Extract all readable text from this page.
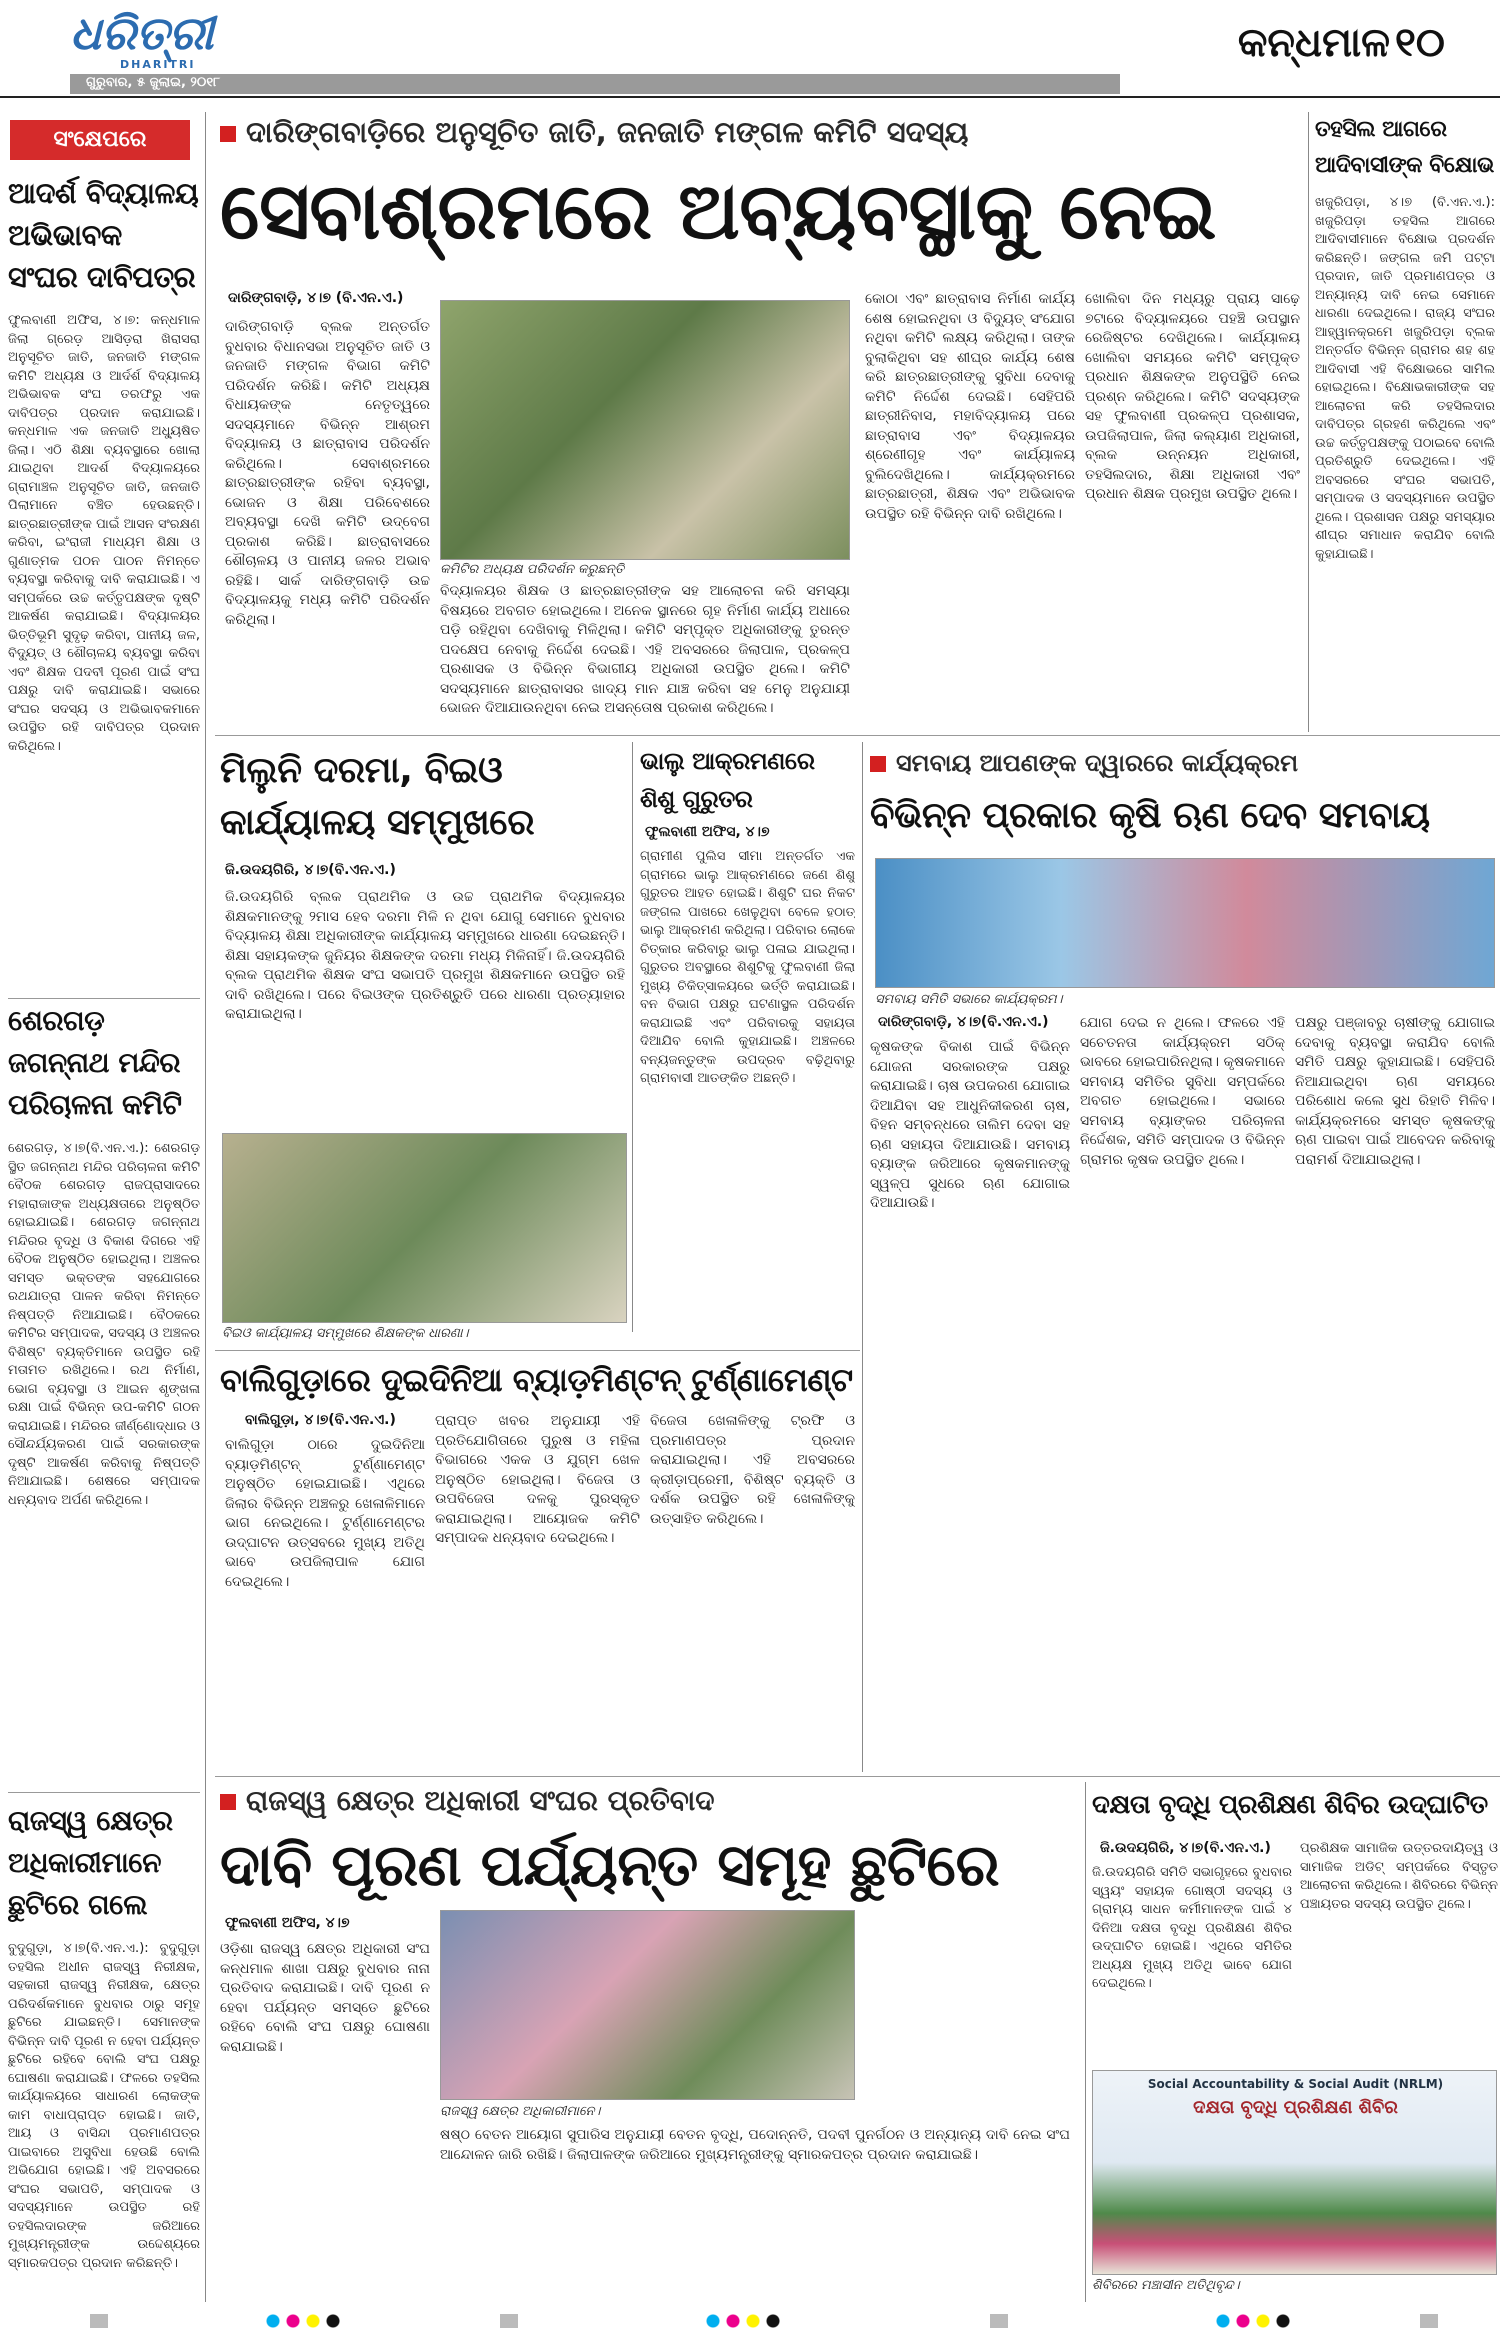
ଧରିତ୍ରୀ
DHARITRI
ଗୁରୁବାର, ୫ ଜୁଲାଇ, ୨୦୧୮
କନ୍ଧମାଳ ୧୦
ସଂକ୍ଷେପରେ
ଆଦର୍ଶ ବିଦ୍ୟାଳୟ ଅଭିଭାବକ ସଂଘର ଦାବିପତ୍ର
ଫୁଲବାଣୀ ଅଫିସ, ୪।୭: କନ୍ଧମାଳ ଜିଲା ଗ୍ରେଡ଼ ଆସିଡ଼ରା ଖିରାସରା ଅନୁସୂଚିତ ଜାତି, ଜନଜାତି ମଙ୍ଗଳ କମିଟି ଅଧ୍ୟକ୍ଷ ଓ ଆର୍ଦର୍ଶ ବିଦ୍ୟାଳୟ ଅଭିଭାବକ ସଂଘ ତରଫରୁ ଏକ ଦାବିପତ୍ର ପ୍ରଦାନ କରାଯାଇଛି। କନ୍ଧମାଳ ଏକ ଜନଜାତି ଅଧ୍ୟୁଷିତ ଜିଲା। ଏଠି ଶିକ୍ଷା ବ୍ୟବସ୍ଥାରେ ଖୋଲା ଯାଇଥିବା ଆଦର୍ଶ ବିଦ୍ୟାଳୟରେ ଗ୍ରାମାଞ୍ଚଳ ଅନୁସୂଚିତ ଜାତି, ଜନଜାତି ପିଲାମାନେ ବଞ୍ଚିତ ହେଉଛନ୍ତି। ଛାତ୍ରଛାତ୍ରୀଙ୍କ ପାଇଁ ଆସନ ସଂରକ୍ଷଣ କରିବା, ଇଂରାଜୀ ମାଧ୍ୟମ ଶିକ୍ଷା ଓ ଗୁଣାତ୍ମକ ପଠନ ପାଠନ ନିମନ୍ତେ ବ୍ୟବସ୍ଥା କରିବାକୁ ଦାବି କରାଯାଇଛି। ଏ ସମ୍ପର୍କରେ ଉଚ୍ଚ କର୍ତ୍ତୃପକ୍ଷଙ୍କ ଦୃଷ୍ଟି ଆକର୍ଷଣ କରାଯାଇଛି। ବିଦ୍ୟାଳୟର ଭିତ୍ତିଭୂମି ସୁଦୃଢ଼ କରିବା, ପାନୀୟ ଜଳ, ବିଦ୍ୟୁତ୍ ଓ ଶୌଚାଳୟ ବ୍ୟବସ୍ଥା କରିବା ଏବଂ ଶିକ୍ଷକ ପଦବୀ ପୂରଣ ପାଇଁ ସଂଘ ପକ୍ଷରୁ ଦାବି କରାଯାଇଛି। ସଭାରେ ସଂଘର ସଦସ୍ୟ ଓ ଅଭିଭାବକମାନେ ଉପସ୍ଥିତ ରହି ଦାବିପତ୍ର ପ୍ରଦାନ କରିଥିଲେ।
ଶେରଗଡ଼ ଜଗନ୍ନାଥ ମନ୍ଦିର ପରିଚାଳନା କମିଟି
ଶେରଗଡ଼, ୪।୭(ବି.ଏନ.ଏ.): ଶେରଗଡ଼ ସ୍ଥିତ ଜଗନ୍ନାଥ ମନ୍ଦିର ପରିଚାଳନା କମିଟି ବୈଠକ ଶେରଗଡ଼ ରାଜପ୍ରାସାଦରେ ମହାରାଜାଙ୍କ ଅଧ୍ୟକ୍ଷତାରେ ଅନୁଷ୍ଠିତ ହୋଇଯାଇଛି। ଶେରଗଡ଼ ଜଗନ୍ନାଥ ମନ୍ଦିରର ବୃଦ୍ଧି ଓ ବିକାଶ ଦିଗରେ ଏହି ବୈଠକ ଅନୁଷ୍ଠିତ ହୋଇଥିଲା। ଅଞ୍ଚଳର ସମସ୍ତ ଭକ୍ତଙ୍କ ସହଯୋଗରେ ରଥଯାତ୍ରା ପାଳନ କରିବା ନିମନ୍ତେ ନିଷ୍ପତ୍ତି ନିଆଯାଇଛି। ବୈଠକରେ କମିଟିର ସମ୍ପାଦକ, ସଦସ୍ୟ ଓ ଅଞ୍ଚଳର ବିଶିଷ୍ଟ ବ୍ୟକ୍ତିମାନେ ଉପସ୍ଥିତ ରହି ମତାମତ ରଖିଥିଲେ। ରଥ ନିର୍ମାଣ, ଭୋଗ ବ୍ୟବସ୍ଥା ଓ ଆଇନ ଶୃଙ୍ଖଳା ରକ୍ଷା ପାଇଁ ବିଭିନ୍ନ ଉପ-କମିଟି ଗଠନ କରାଯାଇଛି। ମନ୍ଦିରର ଜୀର୍ଣ୍ଣୋଦ୍ଧାର ଓ ସୌନ୍ଦର୍ଯ୍ୟକରଣ ପାଇଁ ସରକାରଙ୍କ ଦୃଷ୍ଟି ଆକର୍ଷଣ କରିବାକୁ ନିଷ୍ପତ୍ତି ନିଆଯାଇଛି। ଶେଷରେ ସମ୍ପାଦକ ଧନ୍ୟବାଦ ଅର୍ପଣ କରିଥିଲେ।
ରାଜସ୍ୱ କ୍ଷେତ୍ର ଅଧିକାରୀମାନେ ଛୁଟିରେ ଗଲେ
ବୁଦୁଗୁଡ଼ା, ୪।୭(ବି.ଏନ.ଏ.): ବୁଦୁଗୁଡ଼ା ତହସିଲ ଅଧୀନ ରାଜସ୍ୱ ନିରୀକ୍ଷକ, ସହକାରୀ ରାଜସ୍ୱ ନିରୀକ୍ଷକ, କ୍ଷେତ୍ର ପରିଦର୍ଶକମାନେ ବୁଧବାର ଠାରୁ ସମୂହ ଛୁଟିରେ ଯାଇଛନ୍ତି। ସେମାନଙ୍କ ବିଭିନ୍ନ ଦାବି ପୂରଣ ନ ହେବା ପର୍ଯ୍ୟନ୍ତ ଛୁଟିରେ ରହିବେ ବୋଲି ସଂଘ ପକ୍ଷରୁ ଘୋଷଣା କରାଯାଇଛି। ଫଳରେ ତହସିଲ କାର୍ଯ୍ୟାଳୟରେ ସାଧାରଣ ଲୋକଙ୍କ କାମ ବାଧାପ୍ରାପ୍ତ ହୋଇଛି। ଜାତି, ଆୟ ଓ ବାସିନ୍ଦା ପ୍ରମାଣପତ୍ର ପାଇବାରେ ଅସୁବିଧା ହେଉଛି ବୋଲି ଅଭିଯୋଗ ହୋଇଛି। ଏହି ଅବସରରେ ସଂଘର ସଭାପତି, ସମ୍ପାଦକ ଓ ସଦସ୍ୟମାନେ ଉପସ୍ଥିତ ରହି ତହସିଲଦାରଙ୍କ ଜରିଆରେ ମୁଖ୍ୟମନ୍ତ୍ରୀଙ୍କ ଉଦ୍ଦେଶ୍ୟରେ ସ୍ମାରକପତ୍ର ପ୍ରଦାନ କରିଛନ୍ତି।
ଦାରିଙ୍ଗବାଡ଼ିରେ ଅନୁସୂଚିତ ଜାତି, ଜନଜାତି ମଙ୍ଗଳ କମିଟି ସଦସ୍ୟ
ସେବାଶ୍ରମରେ ଅବ୍ୟବସ୍ଥାକୁ ନେଇ
ଦାରିଙ୍ଗବାଡ଼ି, ୪।୭ (ବି.ଏନ.ଏ.)
ଦାରିଙ୍ଗବାଡ଼ି ବ୍ଲକ ଅନ୍ତର୍ଗତ ବୁଧବାର ବିଧାନସଭା ଅନୁସୂଚିତ ଜାତି ଓ ଜନଜାତି ମଙ୍ଗଳ ବିଭାଗ କମିଟି ପରିଦର୍ଶନ କରିଛି। କମିଟି ଅଧ୍ୟକ୍ଷ ବିଧାୟକଙ୍କ ନେତୃତ୍ୱରେ ସଦସ୍ୟମାନେ ବିଭିନ୍ନ ଆଶ୍ରମ ବିଦ୍ୟାଳୟ ଓ ଛାତ୍ରାବାସ ପରିଦର୍ଶନ କରିଥିଲେ। ସେବାଶ୍ରମରେ ଛାତ୍ରଛାତ୍ରୀଙ୍କ ରହିବା ବ୍ୟବସ୍ଥା, ଭୋଜନ ଓ ଶିକ୍ଷା ପରିବେଶରେ ଅବ୍ୟବସ୍ଥା ଦେଖି କମିଟି ଉଦ୍‌ବେଗ ପ୍ରକାଶ କରିଛି। ଛାତ୍ରାବାସରେ ଶୌଚାଳୟ ଓ ପାନୀୟ ଜଳର ଅଭାବ ରହିଛି। ସାର୍କ ଦାରିଙ୍ଗବାଡ଼ି ଉଚ୍ଚ ବିଦ୍ୟାଳୟକୁ ମଧ୍ୟ କମିଟି ପରିଦର୍ଶନ କରିଥିଲା।
କମିଟିର ଅଧ୍ୟକ୍ଷ ପରିଦର୍ଶନ କରୁଛନ୍ତି
ବିଦ୍ୟାଳୟର ଶିକ୍ଷକ ଓ ଛାତ୍ରଛାତ୍ରୀଙ୍କ ସହ ଆଲୋଚନା କରି ସମସ୍ୟା ବିଷୟରେ ଅବଗତ ହୋଇଥିଲେ। ଅନେକ ସ୍ଥାନରେ ଗୃହ ନିର୍ମାଣ କାର୍ଯ୍ୟ ଅଧାରେ ପଡ଼ି ରହିଥିବା ଦେଖିବାକୁ ମିଳିଥିଲା। କମିଟି ସମ୍ପୃକ୍ତ ଅଧିକାରୀଙ୍କୁ ତୁରନ୍ତ ପଦକ୍ଷେପ ନେବାକୁ ନିର୍ଦ୍ଦେଶ ଦେଇଛି। ଏହି ଅବସରରେ ଜିଲାପାଳ, ପ୍ରକଳ୍ପ ପ୍ରଶାସକ ଓ ବିଭିନ୍ନ ବିଭାଗୀୟ ଅଧିକାରୀ ଉପସ୍ଥିତ ଥିଲେ। କମିଟି ସଦସ୍ୟମାନେ ଛାତ୍ରାବାସର ଖାଦ୍ୟ ମାନ ଯାଞ୍ଚ କରିବା ସହ ମେନୁ ଅନୁଯାୟୀ ଭୋଜନ ଦିଆଯାଉନଥିବା ନେଇ ଅସନ୍ତୋଷ ପ୍ରକାଶ କରିଥିଲେ।
କୋଠା ଏବଂ ଛାତ୍ରାବାସ ନିର୍ମାଣ କାର୍ଯ୍ୟ ଶେଷ ହୋଇନଥିବା ଓ ବିଦ୍ୟୁତ୍ ସଂଯୋଗ ନଥିବା କମିଟି ଲକ୍ଷ୍ୟ କରିଥିଲା। ତାଙ୍କ ବୁଲାକିଥିବା ସହ ଶୀଘ୍ର କାର୍ଯ୍ୟ ଶେଷ କରି ଛାତ୍ରଛାତ୍ରୀଙ୍କୁ ସୁବିଧା ଦେବାକୁ କମିଟି ନିର୍ଦ୍ଦେଶ ଦେଇଛି। ସେହିପରି ଛାତ୍ରୀନିବାସ, ମହାବିଦ୍ୟାଳୟ ପରେ ଛାତ୍ରାବାସ ଏବଂ ବିଦ୍ୟାଳୟର ଶ୍ରେଣୀଗୃହ ଏବଂ କାର୍ଯ୍ୟାଳୟ ବୁଲିଦେଖିଥିଲେ। କାର୍ଯ୍ୟକ୍ରମରେ ଛାତ୍ରଛାତ୍ରୀ, ଶିକ୍ଷକ ଏବଂ ଅଭିଭାବକ ଉପସ୍ଥିତ ରହି ବିଭିନ୍ନ ଦାବି ରଖିଥିଲେ।
ଖୋଲିବା ଦିନ ମଧ୍ୟରୁ ପ୍ରାୟ ସାଢ଼େ ୭ଟାରେ ବିଦ୍ୟାଳୟରେ ପହଞ୍ଚି ଉପସ୍ଥାନ ରେଜିଷ୍ଟର ଦେଖିଥିଲେ। କାର୍ଯ୍ୟାଳୟ ଖୋଲିବା ସମୟରେ କମିଟି ସମ୍ପୃକ୍ତ ପ୍ରଧାନ ଶିକ୍ଷକଙ୍କ ଅନୁପସ୍ଥିତି ନେଇ ପ୍ରଶ୍ନ କରିଥିଲେ। କମିଟି ସଦସ୍ୟଙ୍କ ସହ ଫୁଲବାଣୀ ପ୍ରକଳ୍ପ ପ୍ରଶାସକ, ଉପଜିଲାପାଳ, ଜିଲା କଲ୍ୟାଣ ଅଧିକାରୀ, ବ୍ଲକ ଉନ୍ନୟନ ଅଧିକାରୀ, ତହସିଲଦାର, ଶିକ୍ଷା ଅଧିକାରୀ ଏବଂ ପ୍ରଧାନ ଶିକ୍ଷକ ପ୍ରମୁଖ ଉପସ୍ଥିତ ଥିଲେ।
ତହସିଲ ଆଗରେ ଆଦିବାସୀଙ୍କ ବିକ୍ଷୋଭ
ଖଜୁରିପଡ଼ା, ୪।୭ (ବି.ଏନ.ଏ.): ଖଜୁରିପଡ଼ା ତହସିଲ ଆଗରେ ଆଦିବାସୀମାନେ ବିକ୍ଷୋଭ ପ୍ରଦର୍ଶନ କରିଛନ୍ତି। ଜଙ୍ଗଲ ଜମି ପଟ୍ଟା ପ୍ରଦାନ, ଜାତି ପ୍ରମାଣପତ୍ର ଓ ଅନ୍ୟାନ୍ୟ ଦାବି ନେଇ ସେମାନେ ଧାରଣା ଦେଇଥିଲେ। ରାଜ୍ୟ ସଂଘର ଆହ୍ୱାନକ୍ରମେ ଖଜୁରିପଡ଼ା ବ୍ଲକ ଅନ୍ତର୍ଗତ ବିଭିନ୍ନ ଗ୍ରାମର ଶହ ଶହ ଆଦିବାସୀ ଏହି ବିକ୍ଷୋଭରେ ସାମିଲ ହୋଇଥିଲେ। ବିକ୍ଷୋଭକାରୀଙ୍କ ସହ ଆଲୋଚନା କରି ତହସିଲଦାର ଦାବିପତ୍ର ଗ୍ରହଣ କରିଥିଲେ ଏବଂ ଉଚ୍ଚ କର୍ତ୍ତୃପକ୍ଷଙ୍କୁ ପଠାଇବେ ବୋଲି ପ୍ରତିଶ୍ରୁତି ଦେଇଥିଲେ। ଏହି ଅବସରରେ ସଂଘର ସଭାପତି, ସମ୍ପାଦକ ଓ ସଦସ୍ୟମାନେ ଉପସ୍ଥିତ ଥିଲେ। ପ୍ରଶାସନ ପକ୍ଷରୁ ସମସ୍ୟାର ଶୀଘ୍ର ସମାଧାନ କରାଯିବ ବୋଲି କୁହାଯାଇଛି।
ମିଲୁନି ଦରମା, ବିଇଓ କାର୍ଯ୍ୟାଳୟ ସମ୍ମୁଖରେ
ଜି.ଉଦୟଗିରି, ୪।୭(ବି.ଏନ.ଏ.)
ଜି.ଉଦୟଗିରି ବ୍ଲକ ପ୍ରାଥମିକ ଓ ଉଚ୍ଚ ପ୍ରାଥମିକ ବିଦ୍ୟାଳୟର ଶିକ୍ଷକମାନଙ୍କୁ ୨ମାସ ହେବ ଦରମା ମିଳି ନ ଥିବା ଯୋଗୁ ସେମାନେ ବୁଧବାର ବିଦ୍ୟାଳୟ ଶିକ୍ଷା ଅଧିକାରୀଙ୍କ କାର୍ଯ୍ୟାଳୟ ସମ୍ମୁଖରେ ଧାରଣା ଦେଇଛନ୍ତି। ଶିକ୍ଷା ସହାୟକଙ୍କ ଜୁନିୟର ଶିକ୍ଷକଙ୍କ ଦରମା ମଧ୍ୟ ମିଳିନାହିଁ। ଜି.ଉଦୟଗିରି ବ୍ଲକ ପ୍ରାଥମିକ ଶିକ୍ଷକ ସଂଘ ସଭାପତି ପ୍ରମୁଖ ଶିକ୍ଷକମାନେ ଉପସ୍ଥିତ ରହି ଦାବି ରଖିଥିଲେ। ପରେ ବିଇଓଙ୍କ ପ୍ରତିଶ୍ରୁତି ପରେ ଧାରଣା ପ୍ରତ୍ୟାହାର କରାଯାଇଥିଲା।
ବିଇଓ କାର୍ଯ୍ୟାଳୟ ସମ୍ମୁଖରେ ଶିକ୍ଷକଙ୍କ ଧାରଣା।
ଭାଲୁ ଆକ୍ରମଣରେ ଶିଶୁ ଗୁରୁତର
ଫୁଲବାଣୀ ଅଫିସ, ୪।୭
ଗ୍ରାମୀଣ ପୁଲିସ ସୀମା ଅନ୍ତର୍ଗତ ଏକ ଗ୍ରାମରେ ଭାଲୁ ଆକ୍ରମଣରେ ଜଣେ ଶିଶୁ ଗୁରୁତର ଆହତ ହୋଇଛି। ଶିଶୁଟି ଘର ନିକଟ ଜଙ୍ଗଲ ପାଖରେ ଖେଳୁଥିବା ବେଳେ ହଠାତ୍ ଭାଲୁ ଆକ୍ରମଣ କରିଥିଲା। ପରିବାର ଲୋକେ ଚିତ୍କାର କରିବାରୁ ଭାଲୁ ପଳାଇ ଯାଇଥିଲା। ଗୁରୁତର ଅବସ୍ଥାରେ ଶିଶୁଟିକୁ ଫୁଲବାଣୀ ଜିଲା ମୁଖ୍ୟ ଚିକିତ୍ସାଳୟରେ ଭର୍ତ୍ତି କରାଯାଇଛି। ବନ ବିଭାଗ ପକ୍ଷରୁ ଘଟଣାସ୍ଥଳ ପରିଦର୍ଶନ କରାଯାଇଛି ଏବଂ ପରିବାରକୁ ସହାୟତା ଦିଆଯିବ ବୋଲି କୁହାଯାଇଛି। ଅଞ୍ଚଳରେ ବନ୍ୟଜନ୍ତୁଙ୍କ ଉପଦ୍ରବ ବଢ଼ିଥିବାରୁ ଗ୍ରାମବାସୀ ଆତଙ୍କିତ ଅଛନ୍ତି।
ସମବାୟ ଆପଣଙ୍କ ଦ୍ୱାରରେ କାର୍ଯ୍ୟକ୍ରମ
ବିଭିନ୍ନ ପ୍ରକାର କୃଷି ଋଣ ଦେବ ସମବାୟ
ସମବାୟ ସମିତି ସଭାରେ କାର୍ଯ୍ୟକ୍ରମ।
ଦାରିଙ୍ଗବାଡ଼ି, ୪।୭(ବି.ଏନ.ଏ.)
କୃଷକଙ୍କ ବିକାଶ ପାଇଁ ବିଭିନ୍ନ ଯୋଜନା ସରକାରଙ୍କ ପକ୍ଷରୁ କରାଯାଇଛି। ଚାଷ ଉପକରଣ ଯୋଗାଇ ଦିଆଯିବା ସହ ଆଧୁନିକୀକରଣ ଚାଷ, ବିହନ ସମ୍ବନ୍ଧରେ ତାଲିମ ଦେବା ସହ ଋଣ ସହାୟତା ଦିଆଯାଉଛି। ସମବାୟ ବ୍ୟାଙ୍କ ଜରିଆରେ କୃଷକମାନଙ୍କୁ ସ୍ୱଳ୍ପ ସୁଧରେ ଋଣ ଯୋଗାଇ ଦିଆଯାଉଛି।
ଯୋଗ ଦେଇ ନ ଥିଲେ। ଫଳରେ ଏହି ସଚେତନତା କାର୍ଯ୍ୟକ୍ରମ ସଠିକ୍ ଭାବରେ ହୋଇପାରିନଥିଲା। କୃଷକମାନେ ସମବାୟ ସମିତିର ସୁବିଧା ସମ୍ପର୍କରେ ଅବଗତ ହୋଇଥିଲେ। ସଭାରେ ସମବାୟ ବ୍ୟାଙ୍କର ପରିଚାଳନା ନିର୍ଦ୍ଦେଶକ, ସମିତି ସମ୍ପାଦକ ଓ ବିଭିନ୍ନ ଗ୍ରାମର କୃଷକ ଉପସ୍ଥିତ ଥିଲେ।
ପକ୍ଷରୁ ପଞ୍ଜାବରୁ ଚାଷୀଙ୍କୁ ଯୋଗାଇ ଦେବାକୁ ବ୍ୟବସ୍ଥା କରାଯିବ ବୋଲି ସମିତି ପକ୍ଷରୁ କୁହାଯାଇଛି। ସେହିପରି ନିଆଯାଇଥିବା ଋଣ ସମୟରେ ପରିଶୋଧ କଲେ ସୁଧ ରିହାତି ମିଳିବ। କାର୍ଯ୍ୟକ୍ରମରେ ସମସ୍ତ କୃଷକଙ୍କୁ ଋଣ ପାଇବା ପାଇଁ ଆବେଦନ କରିବାକୁ ପରାମର୍ଶ ଦିଆଯାଇଥିଲା।
ବାଲିଗୁଡ଼ାରେ ଦୁଇଦିନିଆ ବ୍ୟାଡ଼ମିଣ୍ଟନ୍ ଟୁର୍ଣ୍ଣାମେଣ୍ଟ
ବାଲିଗୁଡ଼ା, ୪।୭(ବି.ଏନ.ଏ.)
ବାଲିଗୁଡ଼ା ଠାରେ ଦୁଇଦିନିଆ ବ୍ୟାଡ଼ମିଣ୍ଟନ୍ ଟୁର୍ଣ୍ଣାମେଣ୍ଟ ଅନୁଷ୍ଠିତ ହୋଇଯାଇଛି। ଏଥିରେ ଜିଲାର ବିଭିନ୍ନ ଅଞ୍ଚଳରୁ ଖେଳାଳିମାନେ ଭାଗ ନେଇଥିଲେ। ଟୁର୍ଣ୍ଣାମେଣ୍ଟର ଉଦ୍‌ଘାଟନ ଉତ୍ସବରେ ମୁଖ୍ୟ ଅତିଥି ଭାବେ ଉପଜିଲାପାଳ ଯୋଗ ଦେଇଥିଲେ।
ପ୍ରାପ୍ତ ଖବର ଅନୁଯାୟୀ ଏହି ପ୍ରତିଯୋଗିତାରେ ପୁରୁଷ ଓ ମହିଳା ବିଭାଗରେ ଏକକ ଓ ଯୁଗ୍ମ ଖେଳ ଅନୁଷ୍ଠିତ ହୋଇଥିଲା। ବିଜେତା ଓ ଉପବିଜେତା ଦଳକୁ ପୁରସ୍କୃତ କରାଯାଇଥିଲା। ଆୟୋଜକ କମିଟି ସମ୍ପାଦକ ଧନ୍ୟବାଦ ଦେଇଥିଲେ।
ବିଜେତା ଖେଳାଳିଙ୍କୁ ଟ୍ରଫି ଓ ପ୍ରମାଣପତ୍ର ପ୍ରଦାନ କରାଯାଇଥିଲା। ଏହି ଅବସରରେ କ୍ରୀଡ଼ାପ୍ରେମୀ, ବିଶିଷ୍ଟ ବ୍ୟକ୍ତି ଓ ଦର୍ଶକ ଉପସ୍ଥିତ ରହି ଖେଳାଳିଙ୍କୁ ଉତ୍ସାହିତ କରିଥିଲେ।
ରାଜସ୍ୱ କ୍ଷେତ୍ର ଅଧିକାରୀ ସଂଘର ପ୍ରତିବାଦ
ଦାବି ପୂରଣ ପର୍ଯ୍ୟନ୍ତ ସମୂହ ଛୁଟିରେ
ଫୁଲବାଣୀ ଅଫିସ, ୪।୭
ଓଡ଼ିଶା ରାଜସ୍ୱ କ୍ଷେତ୍ର ଅଧିକାରୀ ସଂଘ କନ୍ଧମାଳ ଶାଖା ପକ୍ଷରୁ ବୁଧବାର ନାନା ପ୍ରତିବାଦ କରାଯାଇଛି। ଦାବି ପୂରଣ ନ ହେବା ପର୍ଯ୍ୟନ୍ତ ସମସ୍ତେ ଛୁଟିରେ ରହିବେ ବୋଲି ସଂଘ ପକ୍ଷରୁ ଘୋଷଣା କରାଯାଇଛି।
ରାଜସ୍ୱ କ୍ଷେତ୍ର ଅଧିକାରୀମାନେ।
ଷଷ୍ଠ ବେତନ ଆୟୋଗ ସୁପାରିସ ଅନୁଯାୟୀ ବେତନ ବୃଦ୍ଧି, ପଦୋନ୍ନତି, ପଦବୀ ପୁନର୍ଗଠନ ଓ ଅନ୍ୟାନ୍ୟ ଦାବି ନେଇ ସଂଘ ଆନ୍ଦୋଳନ ଜାରି ରଖିଛି। ଜିଲାପାଳଙ୍କ ଜରିଆରେ ମୁଖ୍ୟମନ୍ତ୍ରୀଙ୍କୁ ସ୍ମାରକପତ୍ର ପ୍ରଦାନ କରାଯାଇଛି।
ଦକ୍ଷତା ବୃଦ୍ଧି ପ୍ରଶିକ୍ଷଣ ଶିବିର ଉଦ୍‌ଘାଟିତ
ଜି.ଉଦୟଗିରି, ୪।୭(ବି.ଏନ.ଏ.)
ଜି.ଉଦୟଗିରି ସମିତି ସଭାଗୃହରେ ବୁଧବାର ସ୍ୱୟଂ ସହାୟକ ଗୋଷ୍ଠୀ ସଦସ୍ୟ ଓ ଗ୍ରାମ୍ୟ ସାଧନ କର୍ମୀମାନଙ୍କ ପାଇଁ ୪ ଦିନିଆ ଦକ୍ଷତା ବୃଦ୍ଧି ପ୍ରଶିକ୍ଷଣ ଶିବିର ଉଦ୍‌ଘାଟିତ ହୋଇଛି। ଏଥିରେ ସମିତିର ଅଧ୍ୟକ୍ଷ ମୁଖ୍ୟ ଅତିଥି ଭାବେ ଯୋଗ ଦେଇଥିଲେ।
ପ୍ରଶିକ୍ଷକ ସାମାଜିକ ଉତ୍ତରଦାୟିତ୍ୱ ଓ ସାମାଜିକ ଅଡିଟ୍ ସମ୍ପର୍କରେ ବିସ୍ତୃତ ଆଲୋଚନା କରିଥିଲେ। ଶିବିରରେ ବିଭିନ୍ନ ପଞ୍ଚାୟତର ସଦସ୍ୟ ଉପସ୍ଥିତ ଥିଲେ।
Social Accountability & Social Audit (NRLM)
ଦକ୍ଷତା ବୃଦ୍ଧି ପ୍ରଶିକ୍ଷଣ ଶିବିର
ଶିବିରରେ ମଞ୍ଚାସୀନ ଅତିଥିବୃନ୍ଦ।
